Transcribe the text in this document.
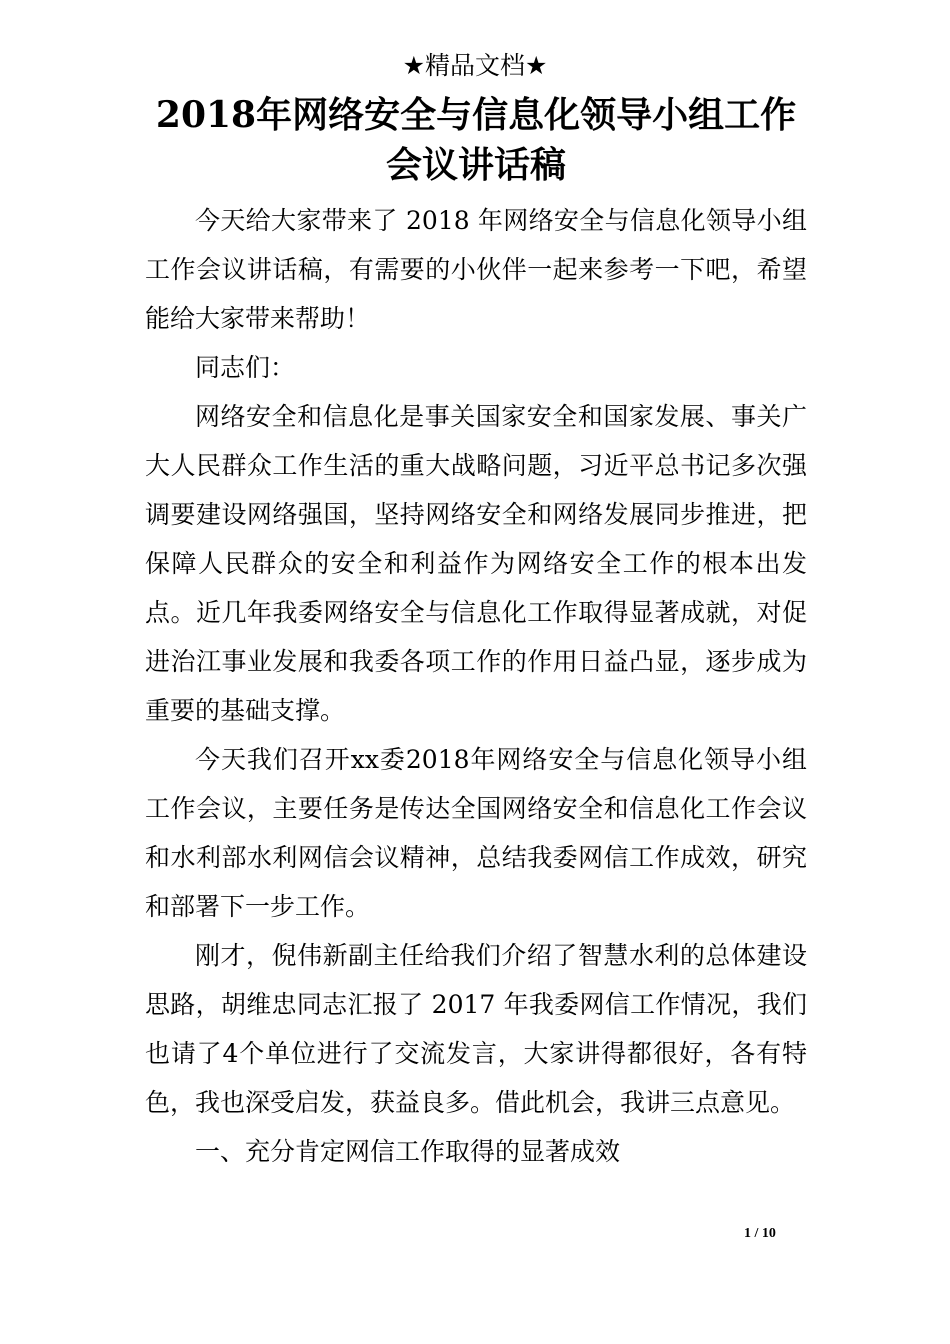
★精品文档★
2018年网络安全与信息化领导小组工作会议讲话稿

今天给大家带来了 2018 年网络安全与信息化领导小组工作会议讲话稿，有需要的小伙伴一起来参考一下吧，希望能给大家带来帮助！

同志们：

网络安全和信息化是事关国家安全和国家发展、事关广大人民群众工作生活的重大战略问题，习近平总书记多次强调要建设网络强国，坚持网络安全和网络发展同步推进，把保障人民群众的安全和利益作为网络安全工作的根本出发点。近几年我委网络安全与信息化工作取得显著成就，对促进治江事业发展和我委各项工作的作用日益凸显，逐步成为重要的基础支撑。

今天我们召开xx委2018年网络安全与信息化领导小组工作会议，主要任务是传达全国网络安全和信息化工作会议和水利部水利网信会议精神，总结我委网信工作成效，研究和部署下一步工作。

刚才，倪伟新副主任给我们介绍了智慧水利的总体建设思路，胡维忠同志汇报了 2017 年我委网信工作情况，我们也请了4个单位进行了交流发言，大家讲得都很好，各有特色，我也深受启发，获益良多。借此机会，我讲三点意见。

一、充分肯定网信工作取得的显著成效

1 / 10
